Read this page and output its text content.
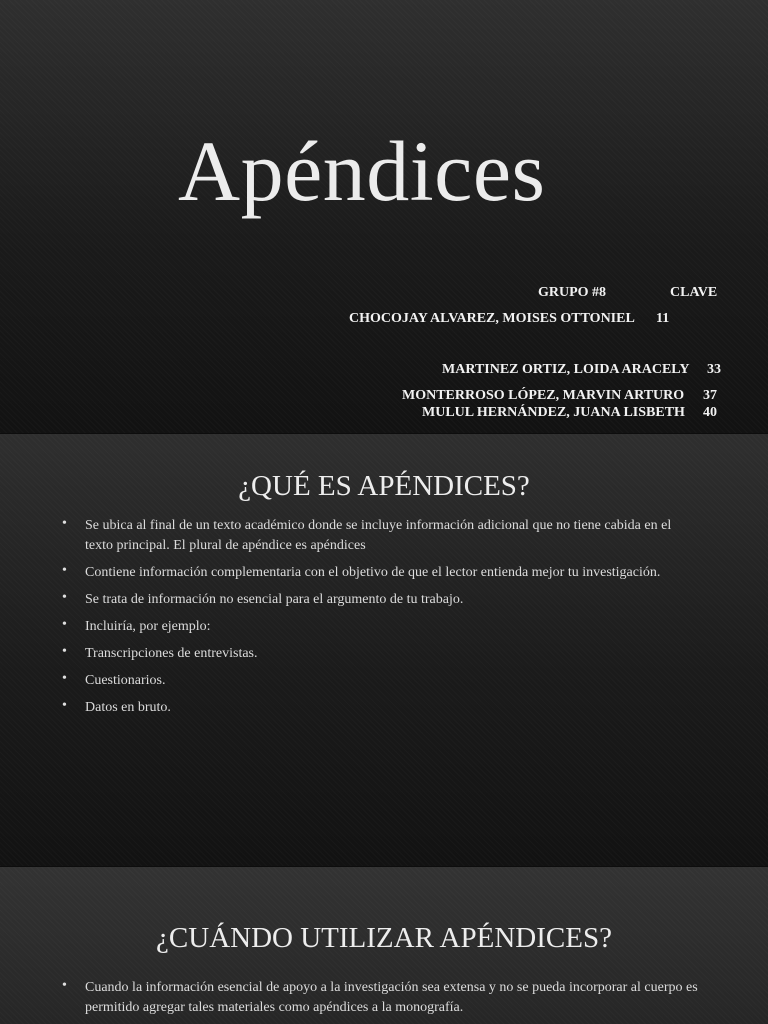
Apéndices
GRUPO #8	CLAVE
CHOCOJAY ALVAREZ, MOISES OTTONIEL 11
MARTINEZ ORTIZ, LOIDA ARACELY 33
MONTERROSO LÓPEZ, MARVIN ARTURO 37
MULUL HERNÁNDEZ, JUANA LISBETH 40
¿QUÉ ES APÉNDICES?
• Se ubica al final de un texto académico donde se incluye información adicional que no tiene cabida en el texto principal. El plural de apéndice es apéndices
• Contiene información complementaria con el objetivo de que el lector entienda mejor tu investigación.
• Se trata de información no esencial para el argumento de tu trabajo.
• Incluiría, por ejemplo:
• Transcripciones de entrevistas.
• Cuestionarios.
• Datos en bruto.
¿CUÁNDO UTILIZAR APÉNDICES?
• Cuando la información esencial de apoyo a la investigación sea extensa y no se pueda incorporar al cuerpo es permitido agregar tales materiales como apéndices a la monografía.
